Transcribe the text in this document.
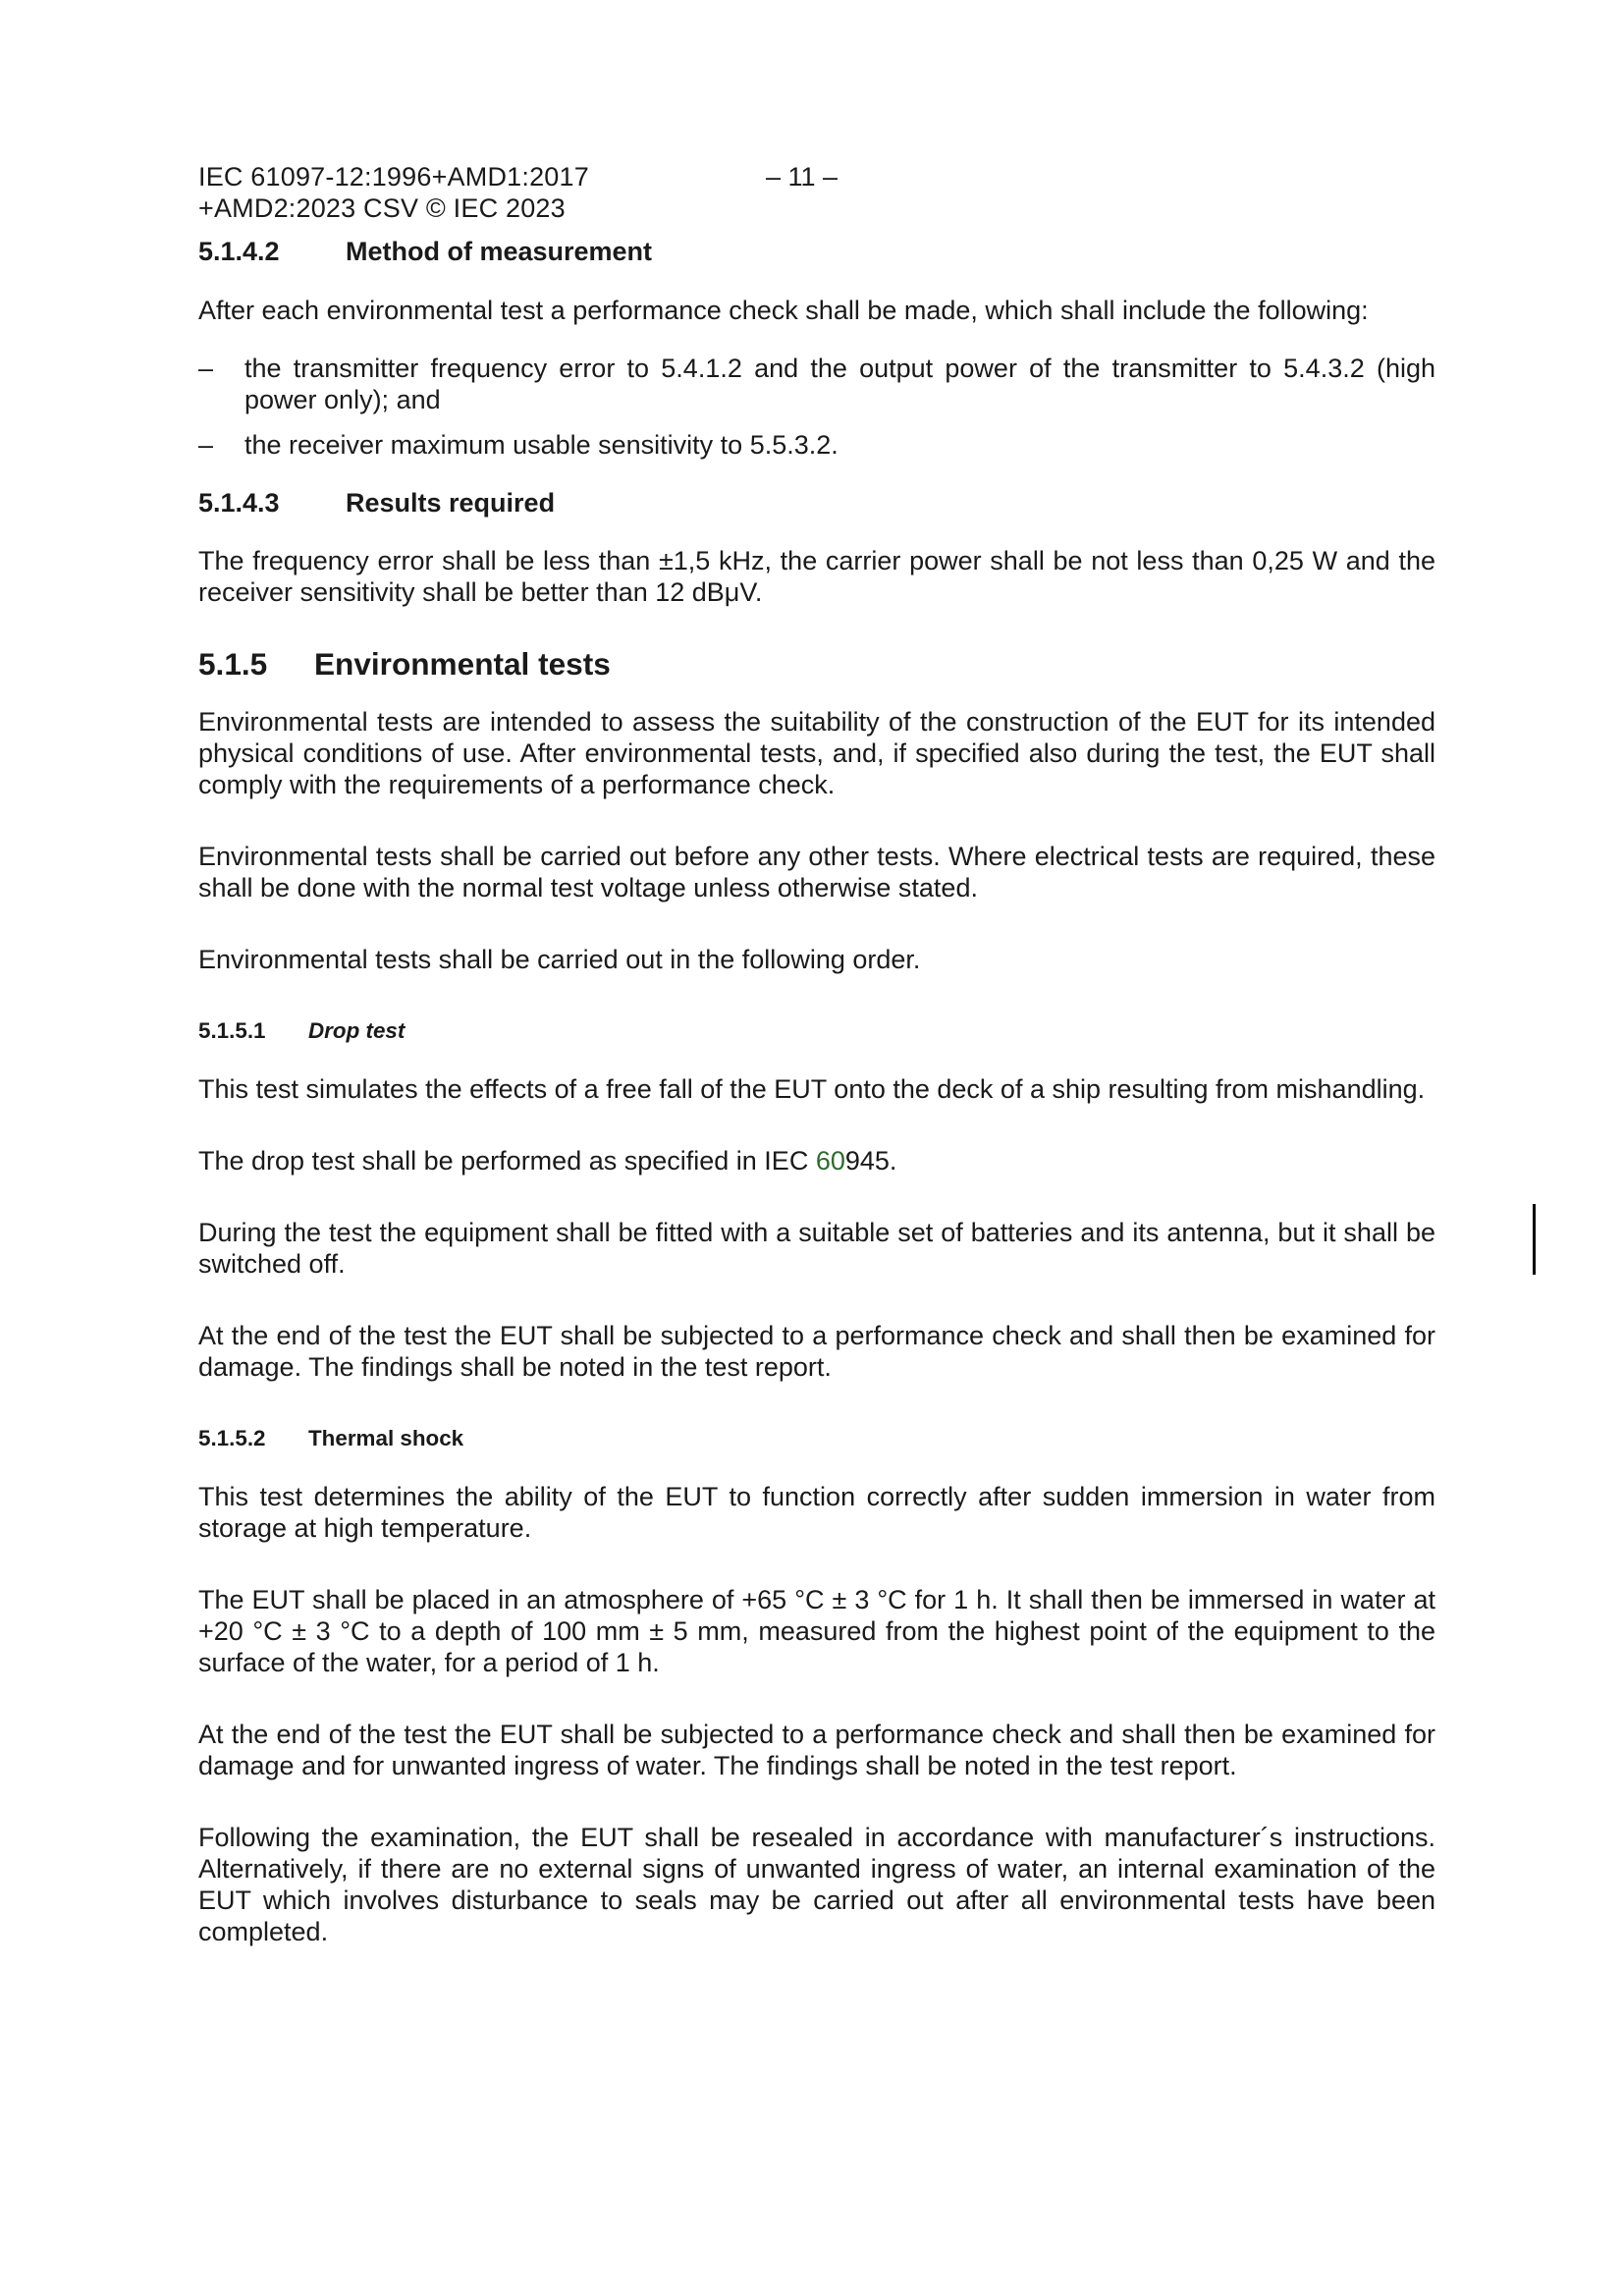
IEC 61097-12:1996+AMD1:2017
+AMD2:2023 CSV © IEC 2023
– 11 –
5.1.4.2	Method of measurement

After each environmental test a performance check shall be made, which shall include the following:

– the transmitter frequency error to 5.4.1.2 and the output power of the transmitter to 5.4.3.2 (high power only); and
– the receiver maximum usable sensitivity to 5.5.3.2.
5.1.4.3	Results required

The frequency error shall be less than ±1,5 kHz, the carrier power shall be not less than 0,25 W and the receiver sensitivity shall be better than 12 dBμV.

5.1.5	Environmental tests

Environmental tests are intended to assess the suitability of the construction of the EUT for its intended physical conditions of use. After environmental tests, and, if specified also during the test, the EUT shall comply with the requirements of a performance check.

Environmental tests shall be carried out before any other tests. Where electrical tests are required, these shall be done with the normal test voltage unless otherwise stated.

Environmental tests shall be carried out in the following order.

5.1.5.1	Drop test

This test simulates the effects of a free fall of the EUT onto the deck of a ship resulting from mishandling.

The drop test shall be performed as specified in IEC 60945.

During the test the equipment shall be fitted with a suitable set of batteries and its antenna, but it shall be switched off.

At the end of the test the EUT shall be subjected to a performance check and shall then be examined for damage. The findings shall be noted in the test report.

5.1.5.2	Thermal shock

This test determines the ability of the EUT to function correctly after sudden immersion in water from storage at high temperature.

The EUT shall be placed in an atmosphere of +65 °C ± 3 °C for 1 h. It shall then be immersed in water at +20 °C ± 3 °C to a depth of 100 mm ± 5 mm, measured from the highest point of the equipment to the surface of the water, for a period of 1 h.

At the end of the test the EUT shall be subjected to a performance check and shall then be examined for damage and for unwanted ingress of water. The findings shall be noted in the test report.

Following the examination, the EUT shall be resealed in accordance with manufacturer´s instructions. Alternatively, if there are no external signs of unwanted ingress of water, an internal examination of the EUT which involves disturbance to seals may be carried out after all environmental tests have been completed.
